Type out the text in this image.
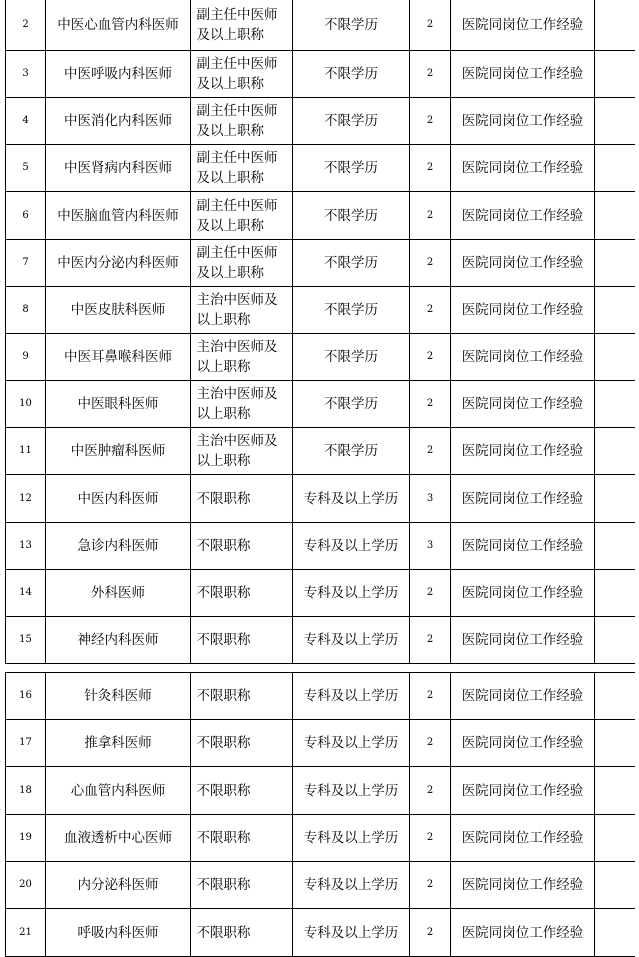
2	中医心血管内科医师	副主任中医师及以上职称	不限学历	2	医院同岗位工作经验	
3	中医呼吸内科医师	副主任中医师及以上职称	不限学历	2	医院同岗位工作经验	
4	中医消化内科医师	副主任中医师及以上职称	不限学历	2	医院同岗位工作经验	
5	中医肾病内科医师	副主任中医师及以上职称	不限学历	2	医院同岗位工作经验	
6	中医脑血管内科医师	副主任中医师及以上职称	不限学历	2	医院同岗位工作经验	
7	中医内分泌内科医师	副主任中医师及以上职称	不限学历	2	医院同岗位工作经验	
8	中医皮肤科医师	主治中医师及以上职称	不限学历	2	医院同岗位工作经验	
9	中医耳鼻喉科医师	主治中医师及以上职称	不限学历	2	医院同岗位工作经验	
10	中医眼科医师	主治中医师及以上职称	不限学历	2	医院同岗位工作经验	
11	中医肿瘤科医师	主治中医师及以上职称	不限学历	2	医院同岗位工作经验	
12	中医内科医师	不限职称	专科及以上学历	3	医院同岗位工作经验	
13	急诊内科医师	不限职称	专科及以上学历	3	医院同岗位工作经验	
14	外科医师	不限职称	专科及以上学历	2	医院同岗位工作经验	
15	神经内科医师	不限职称	专科及以上学历	2	医院同岗位工作经验	
16	针灸科医师	不限职称	专科及以上学历	2	医院同岗位工作经验	
17	推拿科医师	不限职称	专科及以上学历	2	医院同岗位工作经验	
18	心血管内科医师	不限职称	专科及以上学历	2	医院同岗位工作经验	
19	血液透析中心医师	不限职称	专科及以上学历	2	医院同岗位工作经验	
20	内分泌科医师	不限职称	专科及以上学历	2	医院同岗位工作经验	
21	呼吸内科医师	不限职称	专科及以上学历	2	医院同岗位工作经验	
